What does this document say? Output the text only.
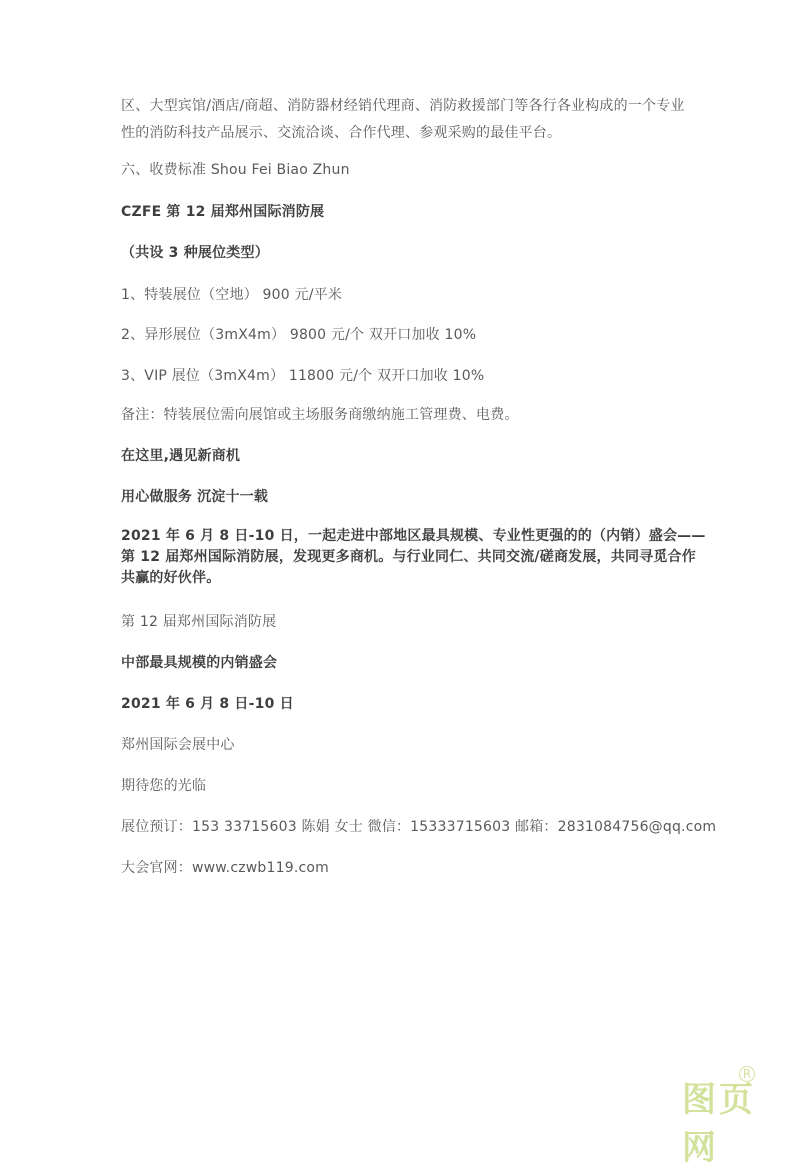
区、大型宾馆/酒店/商超、消防器材经销代理商、消防救援部门等各行各业构成的一个专业
性的消防科技产品展示、交流洽谈、合作代理、参观采购的最佳平台。
六、收费标准 Shou Fei Biao Zhun
CZFE 第 12 届郑州国际消防展
（共设 3 种展位类型）
1、特装展位（空地） 900 元/平米
2、异形展位（3mX4m） 9800 元/个 双开口加收 10%
3、VIP 展位（3mX4m） 11800 元/个 双开口加收 10%
备注：特装展位需向展馆或主场服务商缴纳施工管理费、电费。
在这里,遇见新商机
用心做服务 沉淀十一载
2021 年 6 月 8 日-10 日，一起走进中部地区最具规模、专业性更强的的（内销）盛会——
第 12 届郑州国际消防展，发现更多商机。与行业同仁、共同交流/磋商发展，共同寻觅合作
共赢的好伙伴。
第 12 届郑州国际消防展
中部最具规模的内销盛会
2021 年 6 月 8 日-10 日
郑州国际会展中心
期待您的光临
展位预订：153 33715603 陈娟 女士 微信：15333715603 邮箱：2831084756@qq.com
大会官网：www.czwb119.com
图页网
R
